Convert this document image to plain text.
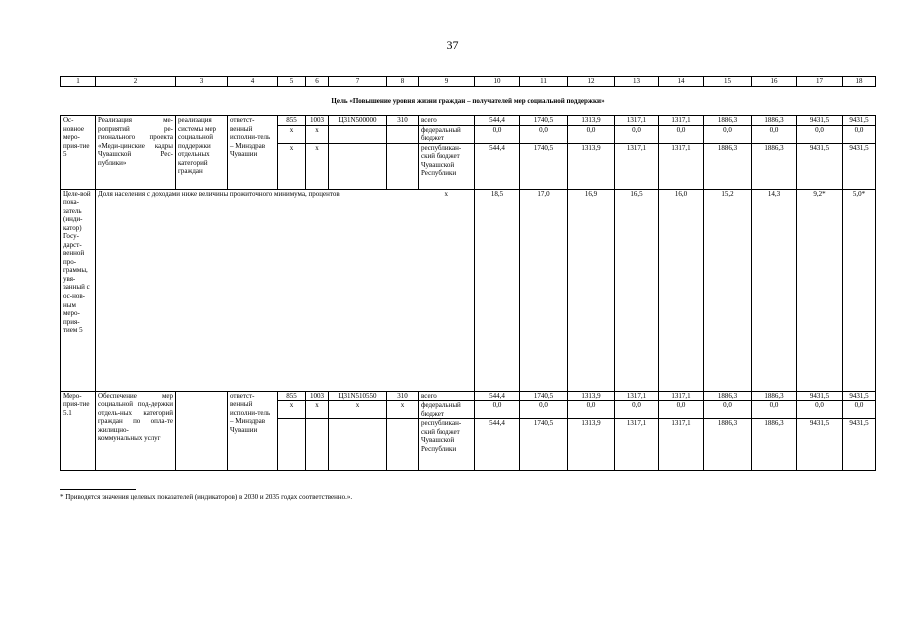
37
1	2	3	4	5	6	7	8	9	10	11	12	13	14	15	16	17	18
Цель «Повышение уровня жизни граждан – получателей мер социальной поддержки»																	
Ос-новное меро-прия-тие 5	Реализация ме-роприятий ре-гионального проекта «Меди-цинские кадры Чувашской Рес-публики»	реализация системы мер социальной поддержки отдельных категорий граждан	ответст-венный исполни-тель – Минздрав Чувашии	855	1003	Ц31N500000	310	всего	544,4	1740,5	1313,9	1317,1	1317,1	1886,3	1886,3	9431,5	9431,5
				x	x			федеральный бюджет	0,0	0,0	0,0	0,0	0,0	0,0	0,0	0,0	0,0
				x	x			республикан-ский бюджет Чувашской Республики	544,4	1740,5	1313,9	1317,1	1317,1	1886,3	1886,3	9431,5	9431,5
Целе-вой пока-затель (инди-катор) Госу-дарст-венной про-граммы, увя-занный с ос-нов-ным меро-прия-тием 5	Доля населения с доходами ниже величины прожиточного минимума, процентов							x	18,5	17,0	16,9	16,5	16,0	15,2	14,3	9,2*	5,0*
Меро-прия-тие 5.1	Обеспечение мер социальной под-держки отдель-ных категорий граждан по опла-те жилищно-коммунальных услуг		ответст-венный исполни-тель – Минздрав Чувашии	855	1003	Ц31N510550	310	всего	544,4	1740,5	1313,9	1317,1	1317,1	1886,3	1886,3	9431,5	9431,5
				x	x	x	x	федеральный бюджет	0,0	0,0	0,0	0,0	0,0	0,0	0,0	0,0	0,0
								республикан-ский бюджет Чувашской Республики	544,4	1740,5	1313,9	1317,1	1317,1	1886,3	1886,3	9431,5	9431,5
* Приводятся значения целевых показателей (индикаторов) в 2030 и 2035 годах соответственно.».
